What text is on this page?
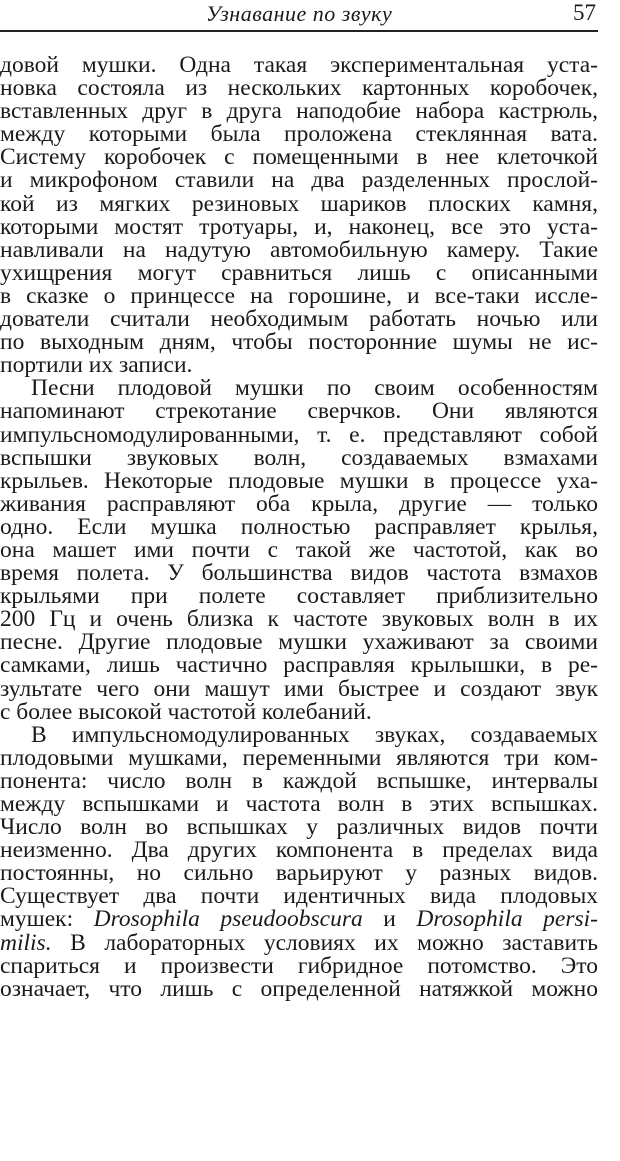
Узнавание по звуку	57
довой мушки. Одна такая экспериментальная уста-
новка состояла из нескольких картонных коробочек,
вставленных друг в друга наподобие набора кастрюль,
между которыми была проложена стеклянная вата.
Систему коробочек с помещенными в нее клеточкой
и микрофоном ставили на два разделенных прослой-
кой из мягких резиновых шариков плоских камня,
которыми мостят тротуары, и, наконец, все это уста-
навливали на надутую автомобильную камеру. Такие
ухищрения могут сравниться лишь с описанными
в сказке о принцессе на горошине, и все-таки иссле-
дователи считали необходимым работать ночью или
по выходным дням, чтобы посторонние шумы не ис-
портили их записи.
Песни плодовой мушки по своим особенностям
напоминают стрекотание сверчков. Они являются
импульсномодулированными, т. е. представляют собой
вспышки звуковых волн, создаваемых взмахами
крыльев. Некоторые плодовые мушки в процессе уха-
живания расправляют оба крыла, другие — только
одно. Если мушка полностью расправляет крылья,
она машет ими почти с такой же частотой, как во
время полета. У большинства видов частота взмахов
крыльями при полете составляет приблизительно
200 Гц и очень близка к частоте звуковых волн в их
песне. Другие плодовые мушки ухаживают за своими
самками, лишь частично расправляя крылышки, в ре-
зультате чего они машут ими быстрее и создают звук
с более высокой частотой колебаний.
В импульсномодулированных звуках, создаваемых
плодовыми мушками, переменными являются три ком-
понента: число волн в каждой вспышке, интервалы
между вспышками и частота волн в этих вспышках.
Число волн во вспышках у различных видов почти
неизменно. Два других компонента в пределах вида
постоянны, но сильно варьируют у разных видов.
Существует два почти идентичных вида плодовых
мушек: Drosophila pseudoobscura и Drosophila persi-
milis. В лабораторных условиях их можно заставить
спариться и произвести гибридное потомство. Это
означает, что лишь с определенной натяжкой можно
